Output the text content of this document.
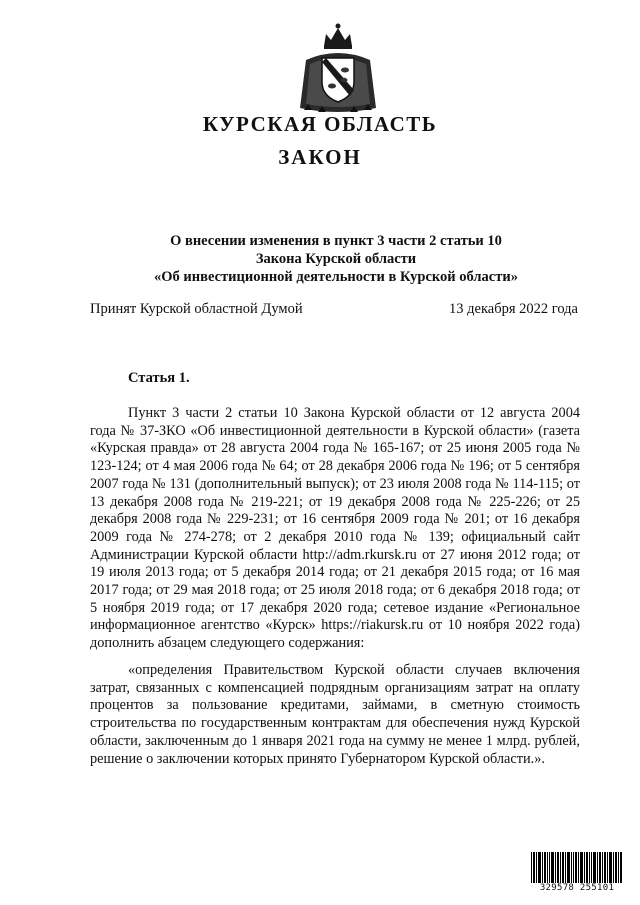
КУРСКАЯ ОБЛАСТЬ
ЗАКОН
О внесении изменения в пункт 3 части 2 статьи 10
Закона Курской области
«Об инвестиционной деятельности в Курской области»
Принят Курской областной Думой	13 декабря 2022 года
Статья 1.

Пункт 3 части 2 статьи 10 Закона Курской области от 12 августа 2004 года № 37-ЗКО «Об инвестиционной деятельности в Курской области» (газета «Курская правда» от 28 августа 2004 года № 165-167; от 25 июня 2005 года № 123-124; от 4 мая 2006 года № 64; от 28 декабря 2006 года № 196; от 5 сентября 2007 года № 131 (дополнительный выпуск); от 23 июля 2008 года № 114-115; от 13 декабря 2008 года № 219-221; от 19 декабря 2008 года № 225-226; от 25 декабря 2008 года № 229-231; от 16 сентября 2009 года № 201; от 16 декабря 2009 года № 274-278; от 2 декабря 2010 года № 139; официальный сайт Администрации Курской области http://adm.rkursk.ru от 27 июня 2012 года; от 19 июля 2013 года; от 5 декабря 2014 года; от 21 декабря 2015 года; от 16 мая 2017 года; от 29 мая 2018 года; от 25 июля 2018 года; от 6 декабря 2018 года; от 5 ноября 2019 года; от 17 декабря 2020 года; сетевое издание «Региональное информационное агентство «Курск» https://riakursk.ru от 10 ноября 2022 года) дополнить абзацем следующего содержания:

«определения Правительством Курской области случаев включения затрат, связанных с компенсацией подрядным организациям затрат на оплату процентов за пользование кредитами, займами, в сметную стоимость строительства по государственным контрактам для обеспечения нужд Курской области, заключенным до 1 января 2021 года на сумму не менее 1 млрд. рублей, решение о заключении которых принято Губернатором Курской области.».

329578 255101
